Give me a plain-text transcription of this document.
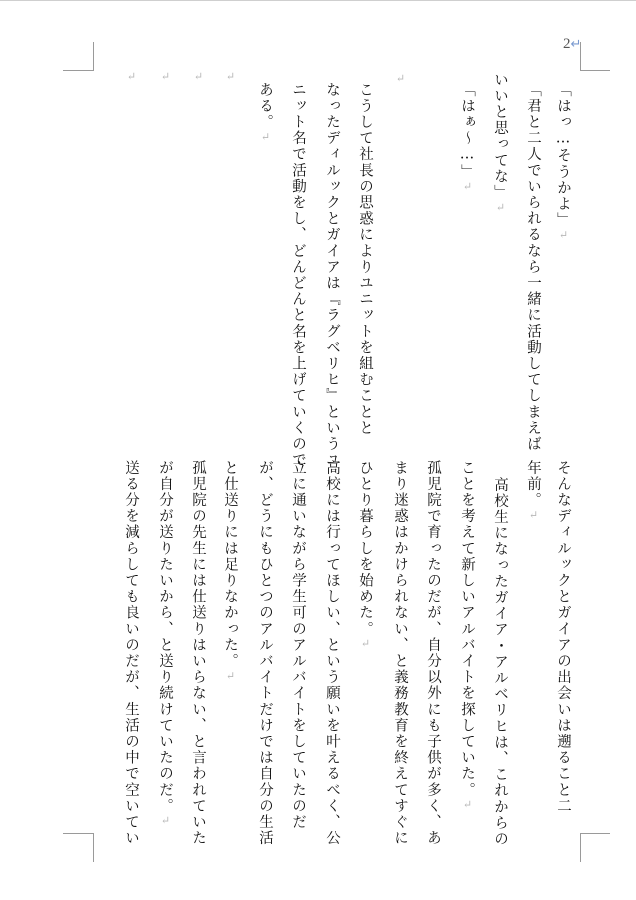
2↵
「はっ…そうかよ」↵
「君と二人でいられるなら一緒に活動してしまえば
いいと思ってな」↵
「はぁ〜…」↵
↵
こうして社長の思惑によりユニットを組むことと
なったディルックとガイアは『ラグベリヒ』というユ
ニット名で活動をし、どんどんと名を上げていくので
ある。↵
↵
↵
↵
↵
そんなディルックとガイアの出会いは遡ること二
年前。↵
高校生になったガイア・アルベリヒは、これからの
ことを考えて新しいアルバイトを探していた。↵
孤児院で育ったのだが、自分以外にも子供が多く、あ
まり迷惑はかけられない、と義務教育を終えてすぐに
ひとり暮らしを始めた。↵
高校には行ってほしい、という願いを叶えるべく、公
立に通いながら学生可のアルバイトをしていたのだ
が、どうにもひとつのアルバイトだけでは自分の生活
と仕送りには足りなかった。↵
孤児院の先生には仕送りはいらない、と言われていた
が自分が送りたいから、と送り続けていたのだ。↵
送る分を減らしても良いのだが、生活の中で空いてい
